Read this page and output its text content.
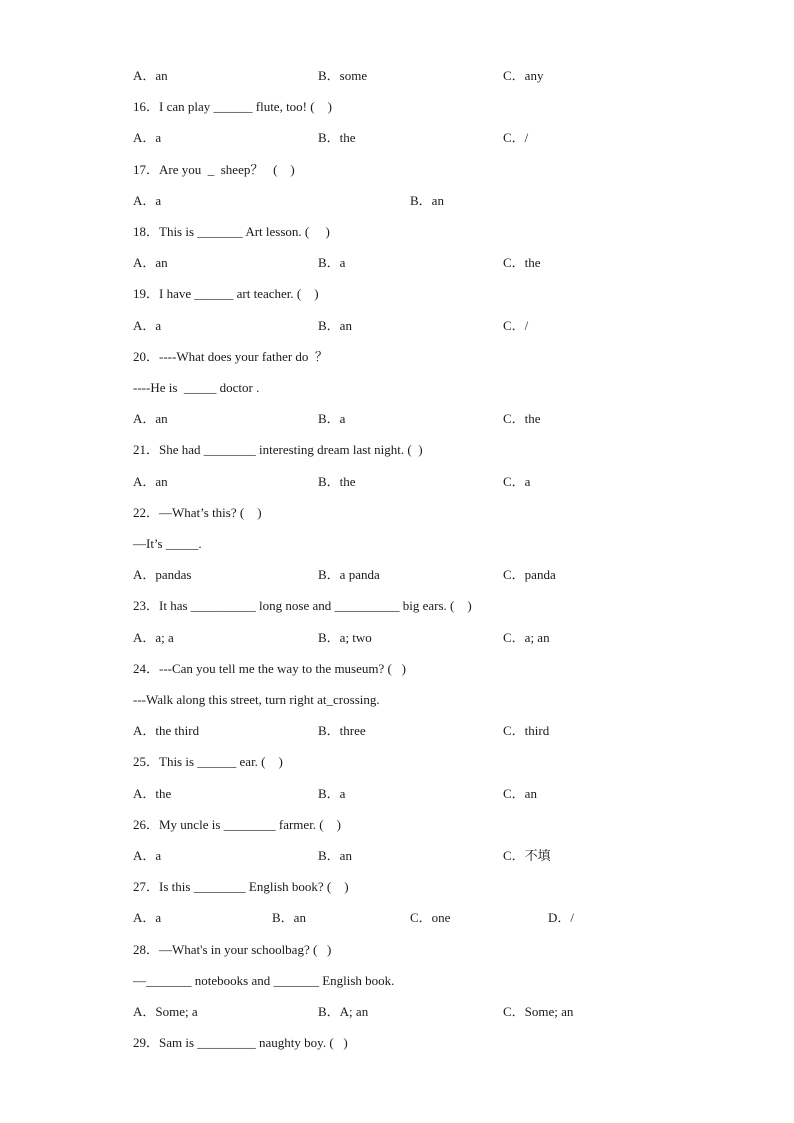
A．an	B．some	C．any
16．I can play ______ flute, too! (    )
A．a	B．the	C．/
17．Are you  _  sheep？   (    )
A．a	B．an
18．This is _______ Art lesson. (     )
A．an	B．a	C．the
19．I have ______ art teacher. (    )
A．a	B．an	C．/
20．----What does your father do  ？
----He is  _____ doctor .
A．an	B．a	C．the
21．She had ________ interesting dream last night. (  )
A．an	B．the	C．a
22．—What’s this? (    )
—It’s _____.
A．pandas	B．a panda	C．panda
23．It has __________ long nose and __________ big ears. (    )
A．a; a	B．a; two	C．a; an
24．---Can you tell me the way to the museum? (   )
---Walk along this street, turn right at_crossing.
A．the third	B．three	C．third
25．This is ______ ear. (    )
A．the	B．a	C．an
26．My uncle is ________ farmer. (    )
A．a	B．an	C．不填
27．Is this ________ English book? (    )
A．a	B．an	C．one	D．/
28．—What's in your schoolbag? (   )
—_______ notebooks and _______ English book.
A．Some; a	B．A; an	C．Some; an
29．Sam is _________ naughty boy. (   )
